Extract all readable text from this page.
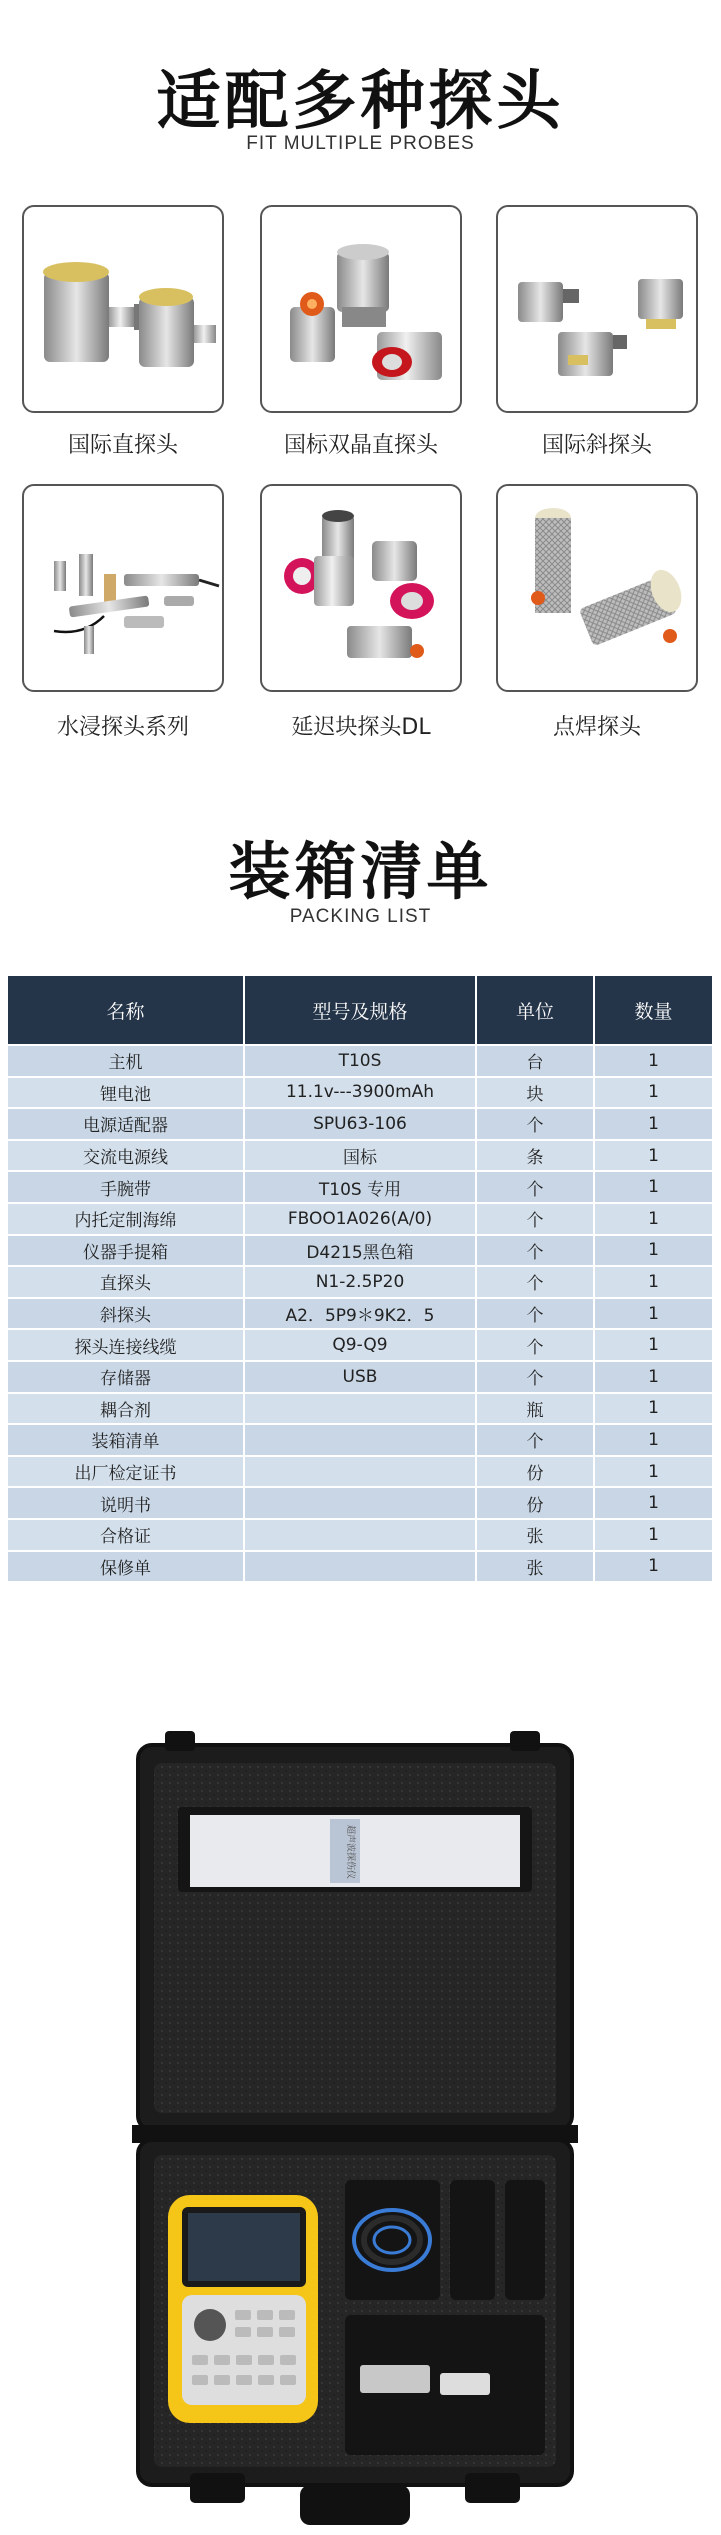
适配多种探头
FIT MULTIPLE PROBES
国际直探头	国标双晶直探头	国际斜探头
水浸探头系列	延迟块探头DL	点焊探头
装箱清单
PACKING LIST
名称	型号及规格	单位	数量
主机	T10S	台	1
锂电池	11.1v---3900mAh	块	1
电源适配器	SPU63-106	个	1
交流电源线	国标	条	1
手腕带	T10S 专用	个	1
内托定制海绵	FBOO1A026(A/0)	个	1
仪器手提箱	D4215黑色箱	个	1
直探头	N1-2.5P20	个	1
斜探头	A2．5P9＊9K2．5	个	1
探头连接线缆	Q9-Q9	个	1
存储器	USB	个	1
耦合剂		瓶	1
装箱清单		个	1
出厂检定证书		份	1
说明书		份	1
合格证		张	1
保修单		张	1
超声波探伤仪
